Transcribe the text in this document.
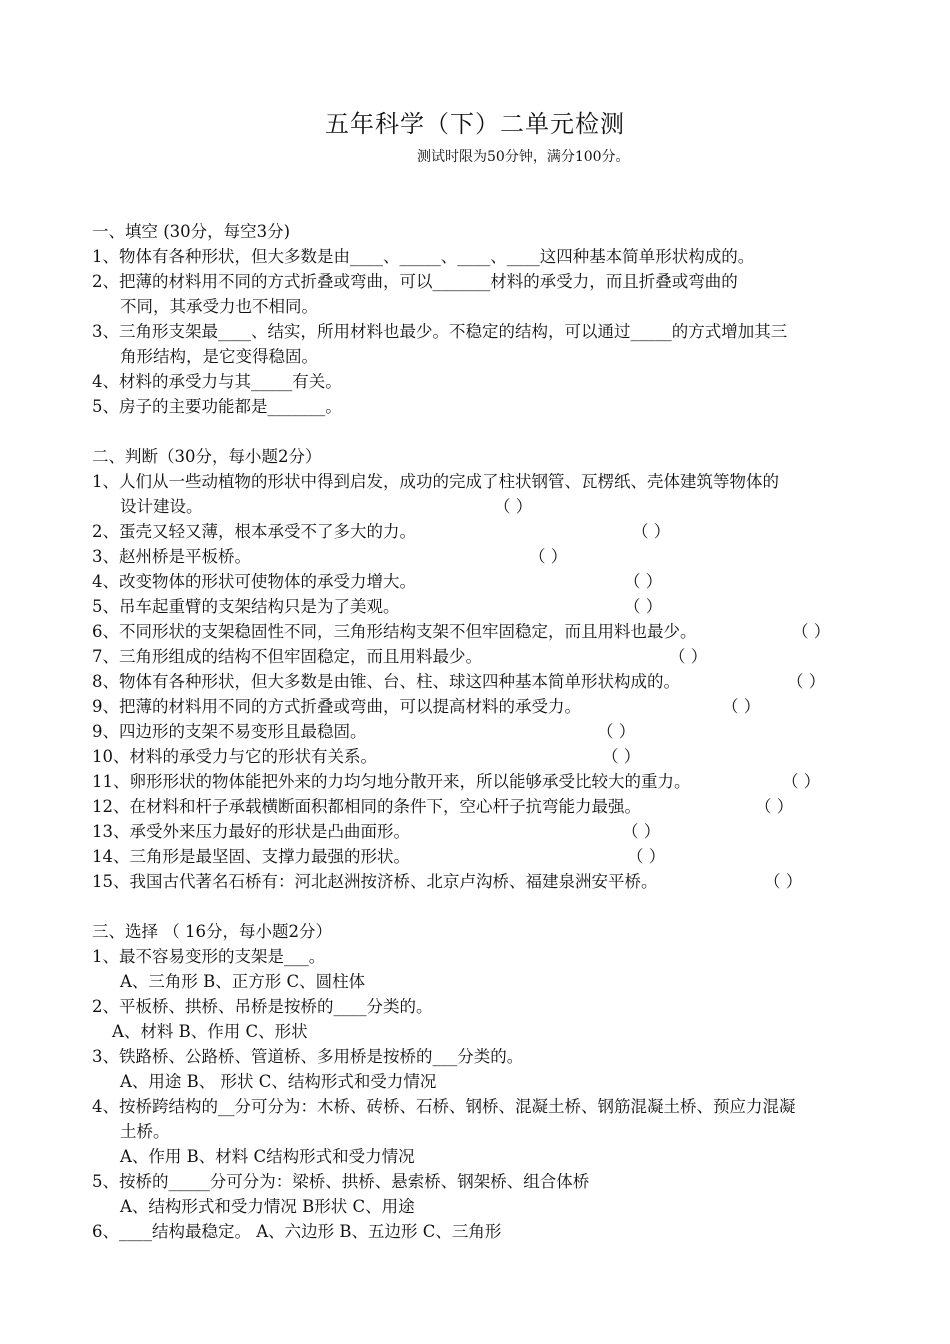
五年科学（下）二单元检测
测试时限为50分钟，满分100分。
一、填空 (30分，每空3分)
1、物体有各种形状，但大多数是由____、_____、____、____这四种基本简单形状构成的。
2、把薄的材料用不同的方式折叠或弯曲，可以_______材料的承受力，而且折叠或弯曲的
不同，其承受力也不相同。
3、三角形支架最____、结实，所用材料也最少。不稳定的结构，可以通过_____的方式增加其三
角形结构，是它变得稳固。
4、材料的承受力与其_____有关。
5、房子的主要功能都是_______。
二、判断（30分，每小题2分）
1、人们从一些动植物的形状中得到启发，成功的完成了柱状钢管、瓦楞纸、壳体建筑等物体的
设计建设。	（ ）
2、蛋壳又轻又薄，根本承受不了多大的力。	（ ）
3、赵州桥是平板桥。	（ ）
4、改变物体的形状可使物体的承受力增大。	（ ）
5、吊车起重臂的支架结构只是为了美观。	（ ）
6、不同形状的支架稳固性不同，三角形结构支架不但牢固稳定，而且用料也最少。	（ ）
7、三角形组成的结构不但牢固稳定，而且用料最少。	（ ）
8、物体有各种形状，但大多数是由锥、台、柱、球这四种基本简单形状构成的。	（ ）
9、把薄的材料用不同的方式折叠或弯曲，可以提高材料的承受力。	（ ）
9、四边形的支架不易变形且最稳固。	（ ）
10、材料的承受力与它的形状有关系。	（ ）
11、卵形形状的物体能把外来的力均匀地分散开来，所以能够承受比较大的重力。	（ ）
12、在材料和杆子承载横断面积都相同的条件下，空心杆子抗弯能力最强。	（ ）
13、承受外来压力最好的形状是凸曲面形。	（ ）
14、三角形是最坚固、支撑力最强的形状。	（ ）
15、我国古代著名石桥有：河北赵洲按济桥、北京卢沟桥、福建泉洲安平桥。	（ ）
三、选择 （ 16分，每小题2分）
1、最不容易变形的支架是___。
A、三角形 B、正方形 C、圆柱体
2、平板桥、拱桥、吊桥是按桥的____分类的。
A、材料 B、作用 C、形状
3、铁路桥、公路桥、管道桥、多用桥是按桥的___分类的。
A、用途 B、 形状 C、结构形式和受力情况
4、按桥跨结构的__分可分为：木桥、砖桥、石桥、钢桥、混凝土桥、钢筋混凝土桥、预应力混凝
土桥。
A、作用 B、材料 C结构形式和受力情况
5、按桥的_____分可分为：梁桥、拱桥、悬索桥、钢架桥、组合体桥
A、结构形式和受力情况 B形状 C、用途
6、____结构最稳定。 A、六边形 B、五边形 C、三角形
